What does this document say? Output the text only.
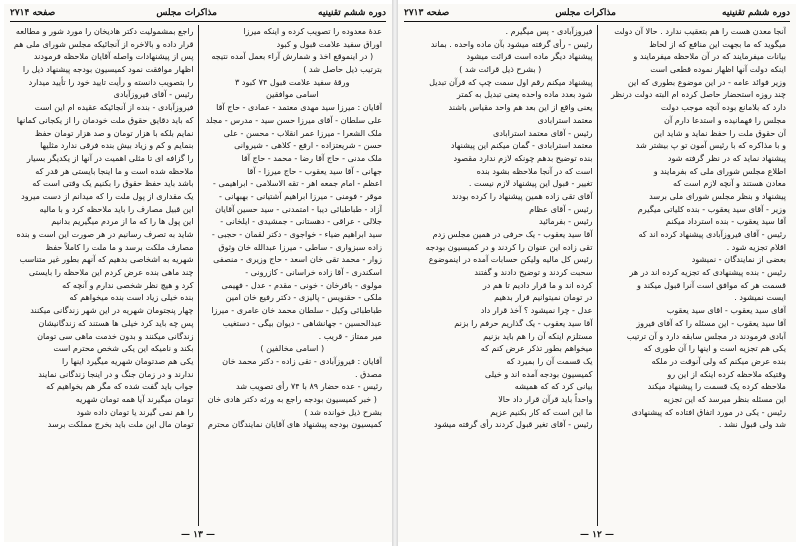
دوره ششم تقنینیه
مذاکرات مجلس
صفحه ۲۷۱۴

عدهٔ معدوده را تصویب کرده و اینکه میرزا

اوراق سفید علامت قبول و کبود

( در اینموقع اخذ و شمارش آراء بعمل آمده نتیجه

بترتیب ذیل حاصل شد )

ورقهٔ سفید علامت قبول ۷۴ کبود ۳

اسامی موافقین

آقایان : میرزا سید مهدی معتمد - عمادی - حاج آقا

علی سلطان - آقای میرزا حسن سید - مدرس - مجلد

ملک الشعرا - میرزا عمر انقلاب - محسن - علی

حسن - شریعتزاده - ارفع - کلاهی - شیروانی

ملک مدنی - حاج آقا رضا - محمد - حاج آقا

جهانی - آقا سید یعقوب - حاج میرزا - آقا

اعظم - امام جمعه اهر - تقه الاسلامی - ابراهیمی -

موقر - فومنی - میرزا ابراهیم آشتیانی - بهبهانی -

آزاد - طباطبائی دیبا - امتمدنی - سید حسین آقایان

جلالی - عراقی - دهستانی - جمشیدی - ایلخانی -

سید ابراهیم ضیاء - خواجوی - دکتر لقمان - حجبی -

زاده سبزواری - ساطی - میرزا عبدالله خان وثوق

زوار - محمد تقی خان اسعد - حاج وزیری - منصفی

اسکندری - آقا زاده خراسانی - کازرونی -

مولوی - باقرخان - خونی - مقدم - عدل - فهیمی

ملکی - حقنویس - پالیزی - دکتر رفیع خان امین

طباطبائی وکیل - سلطان محمد خان عامری - میرزا

عبدالحسین - جهانشاهی - دیوان بیگی - دستغیب

میر ممتاز - قریب .

( اسامی مخالفین )

آقایان : فیروزآبادی - تقی زاده - دکتر محمد خان

مصدق .

رئیس - عده حضار ۸۹ با ۷۴ رأی تصویب شد

( خبر کمیسیون بودجه راجع به ورثه دکتر هادی خان

بشرح ذیل خوانده شد )

کمیسیون بودجه پیشنهاد های آقایان نمایندگان محترم

راجع بمشمولیت دکتر هادیخان را مورد شور و مطالعه

قرار داده و بالاخره از آنجائیکه مجلس شورای ملی هم

پس از پیشنهادات واصله آقایان ملاحظه فرمودند

اظهار موافقت نمود کمیسیون بودجه پیشنهاد ذیل را

را بتصویب دانسته و رأیت تایید خود را تأیید میدارد

رئیس - آقای فیروزآبادی

فیروزآبادی - بنده از آنجائیکه عقیده ام این است

که باید دقایق حقوق ملت خودمان را از یکجانی کمانها

نمایم بلکه با هزار تومان و صد هزار تومان حفظ

بنمایم و کم و زیاد بیش بنده فرقی ندارد مثلیها

را گزافه ای تا مثلی اهمیت در آنها از یکدیگر بسیار

ملاحظه شده است و ما اینجا بایستی هر قدر که

باشد باید حفظ حقوق را بکنیم یک وقتی است که

یک مقداری از پول ملت را که میدانم از دست میرود

این قبیل مصارف را باید ملاحظه کرد و با مالیه

این پول ها را که ما از مردم میگیریم بدانیم

شاید به تصرف رسانیم در هر صورت این است و بنده

مصارف ملکت برسد و ما ملت را کاملاً حفظ

شهریه به اشخاصی بدهیم که آنهم بطور غیر متناسب

چند ماهی بنده عرض کردم این ملاحظه را بایستی

کرد و هیچ نظر شخصی ندارم و آنچه که

بنده خیلی زیاد است بنده میخواهم که

چهار پنجتومان شهریه در این شهر زندگانی میکنند

پس چه باید کرد خیلی ها هستند که زندگانیشان

زندگانی میکنند و بدون خدمت ماهی سی تومان

بکند و نامیکه این یکی شخص محترم است

یکی هم صدتومان شهریه میگیرد اینها را

ندارند و در زمان جنگ و در اینجا زندگانی نمایند

جواب باید گفت شده که مگر هم بخواهیم که

تومان میگیرند آیا همه تومان شهریه

را هم نمی گیرند یا تومان داده شود

تومان مال این ملت باید بخرج مملکت برسد

— ۱۳ —
دوره ششم تقنینیه
مذاکرات مجلس
صفحه ۲۷۱۳

آنجا معدن هست را هم بتعقیب ندارد . حالا آن دولت

میگوید که ما بجهت این منافع که از لحاظ

بیانات میفرمایند که در آن ملاحظه میفرمایند و

اینکه دولت آنها اظهار نموده قطعی است

وزیر فوائد عامه - در این موضوع بطوری که این

چند روزه استحضار حاصل کرده ام البته دولت درنظر

دارد که بلامانع بوده آنچه موجب دولت

مجلس را فهمانیده و استدعا دارم آن

آن حقوق ملت را حفظ نماید و شاید این

و با مذاکره که با رئیس آمون تو پ بیشتر شد

پیشنهاد نماید که در نظر گرفته شود

اطلاع مجلس شورای ملی که بفرمایند و

معادن هستند و آنچه لازم است که

پیشنهاد و بنظر مجلس شورای ملی برسد

وزیر - آقای سید یعقوب - بنده کلیاتی میگیرم

آقا سید یعقوب - بنده استرداد میکنم

رئیس - آقای فیروزآبادی پیشنهاد کرده اند که

اقلام تجزیه شود .

بعضی از نمایندگان - نمیشود

رئیس - بنده پیشنهادی که تجزیه کرده اند در هر

قسمت هر که موافق است آنرا قبول میکند و

ایست نمیشود .

آقای سید یعقوب - اقای سید یعقوب

آقا سید یعقوب - این مسئله را که آقای فیروز

آبادی فرمودند در مجلس سابقه دارد و آن ترتیب

یکی هم تجزیه است و اینها را آن طوری که

بنده عرض میکنم که ولی آنوقت در ملکه

وقتیکه ملاحظه کرده اینکه از این رو

ملاحظه کرده یک قسمت را پیشنهاد میکند

این مسئله بنظر میرسد که این تجزیه

رئیس - یکی در مورد اتفاق افتاده که پیشنهادی

شد ولی قبول نشد .

فیروزآبادی - پس میگیرم .

رئیس - رأی گرفته میشود بآن ماده واحده . بماند

پیشنهاد دیگر ماده است قرائت میشود

( بشرح ذیل قرائت شد )

پیشنهاد میکنم رقم اول سمت چپ که قرآن تبدیل

شود بعدد ماده واحده یعنی تبدیل به کمتر

یعنی واقع از این بعد هم واحد مقیاس باشند

معتمد استرابادی

رئیس - آقای معتمد استرابادی

معتمد استرابادی - گمان میکنم این پیشنهاد

بنده توضیح بدهم چونکه لازم ندارد مقصود

است که در آنجا ملاحظه بشود بنده

تغییر - قبول این پیشنهاد لازم نیست .

آقای تقی زاده همین پیشنهاد را کرده بودند

رئیس - آقای عظام

رئیس - بفرمائید

آقا سید یعقوب - یک حرفی در همین مجلس زدم

تقی زاده این عنوان را کردند و در کمیسیون بودجه

رئیس کل مالیه ولیکن حسابات آمده در اینموضوع

سحبت کردند و توضیح دادند و گفتند

کرده اند و ما قرار دادیم تا هم در

در تومان نمیتوانیم قرار بدهیم

عدل - چرا نمیشود ؟ آخذ قرار داد

آقا سید یعقوب - یک گذاریم حرفم را بزنم

مستلزم اینکه آن را هم باید بزنیم

میخواهم بطور تذکر عرض کنم که

یک قسمت آن را بمیرد که

کمیسیون بودجه آمده اند و خیلی

بیانی کرد که که همیشه

واحداً باید قرآن قرار داد حالا

ما این است که کار بکنیم عزیم

رئیس - آقای تغیر قبول کردند رأی گرفته میشود

— ۱۲ —
